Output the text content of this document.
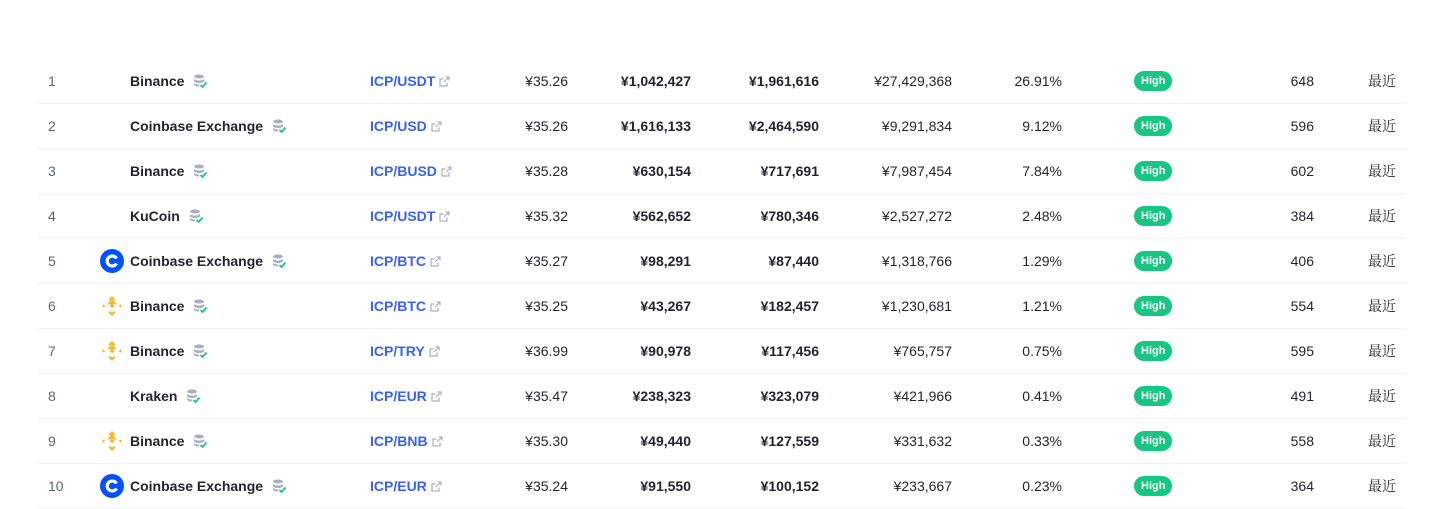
1	Binance	ICP/USDT	¥35.26	¥1,042,427	¥1,961,616	¥27,429,368	26.91%	High	648	最近
2	Coinbase Exchange	ICP/USD	¥35.26	¥1,616,133	¥2,464,590	¥9,291,834	9.12%	High	596	最近
3	Binance	ICP/BUSD	¥35.28	¥630,154	¥717,691	¥7,987,454	7.84%	High	602	最近
4	KuCoin	ICP/USDT	¥35.32	¥562,652	¥780,346	¥2,527,272	2.48%	High	384	最近
5	Coinbase Exchange	ICP/BTC	¥35.27	¥98,291	¥87,440	¥1,318,766	1.29%	High	406	最近
6	Binance	ICP/BTC	¥35.25	¥43,267	¥182,457	¥1,230,681	1.21%	High	554	最近
7	Binance	ICP/TRY	¥36.99	¥90,978	¥117,456	¥765,757	0.75%	High	595	最近
8	Kraken	ICP/EUR	¥35.47	¥238,323	¥323,079	¥421,966	0.41%	High	491	最近
9	Binance	ICP/BNB	¥35.30	¥49,440	¥127,559	¥331,632	0.33%	High	558	最近
10	Coinbase Exchange	ICP/EUR	¥35.24	¥91,550	¥100,152	¥233,667	0.23%	High	364	最近
